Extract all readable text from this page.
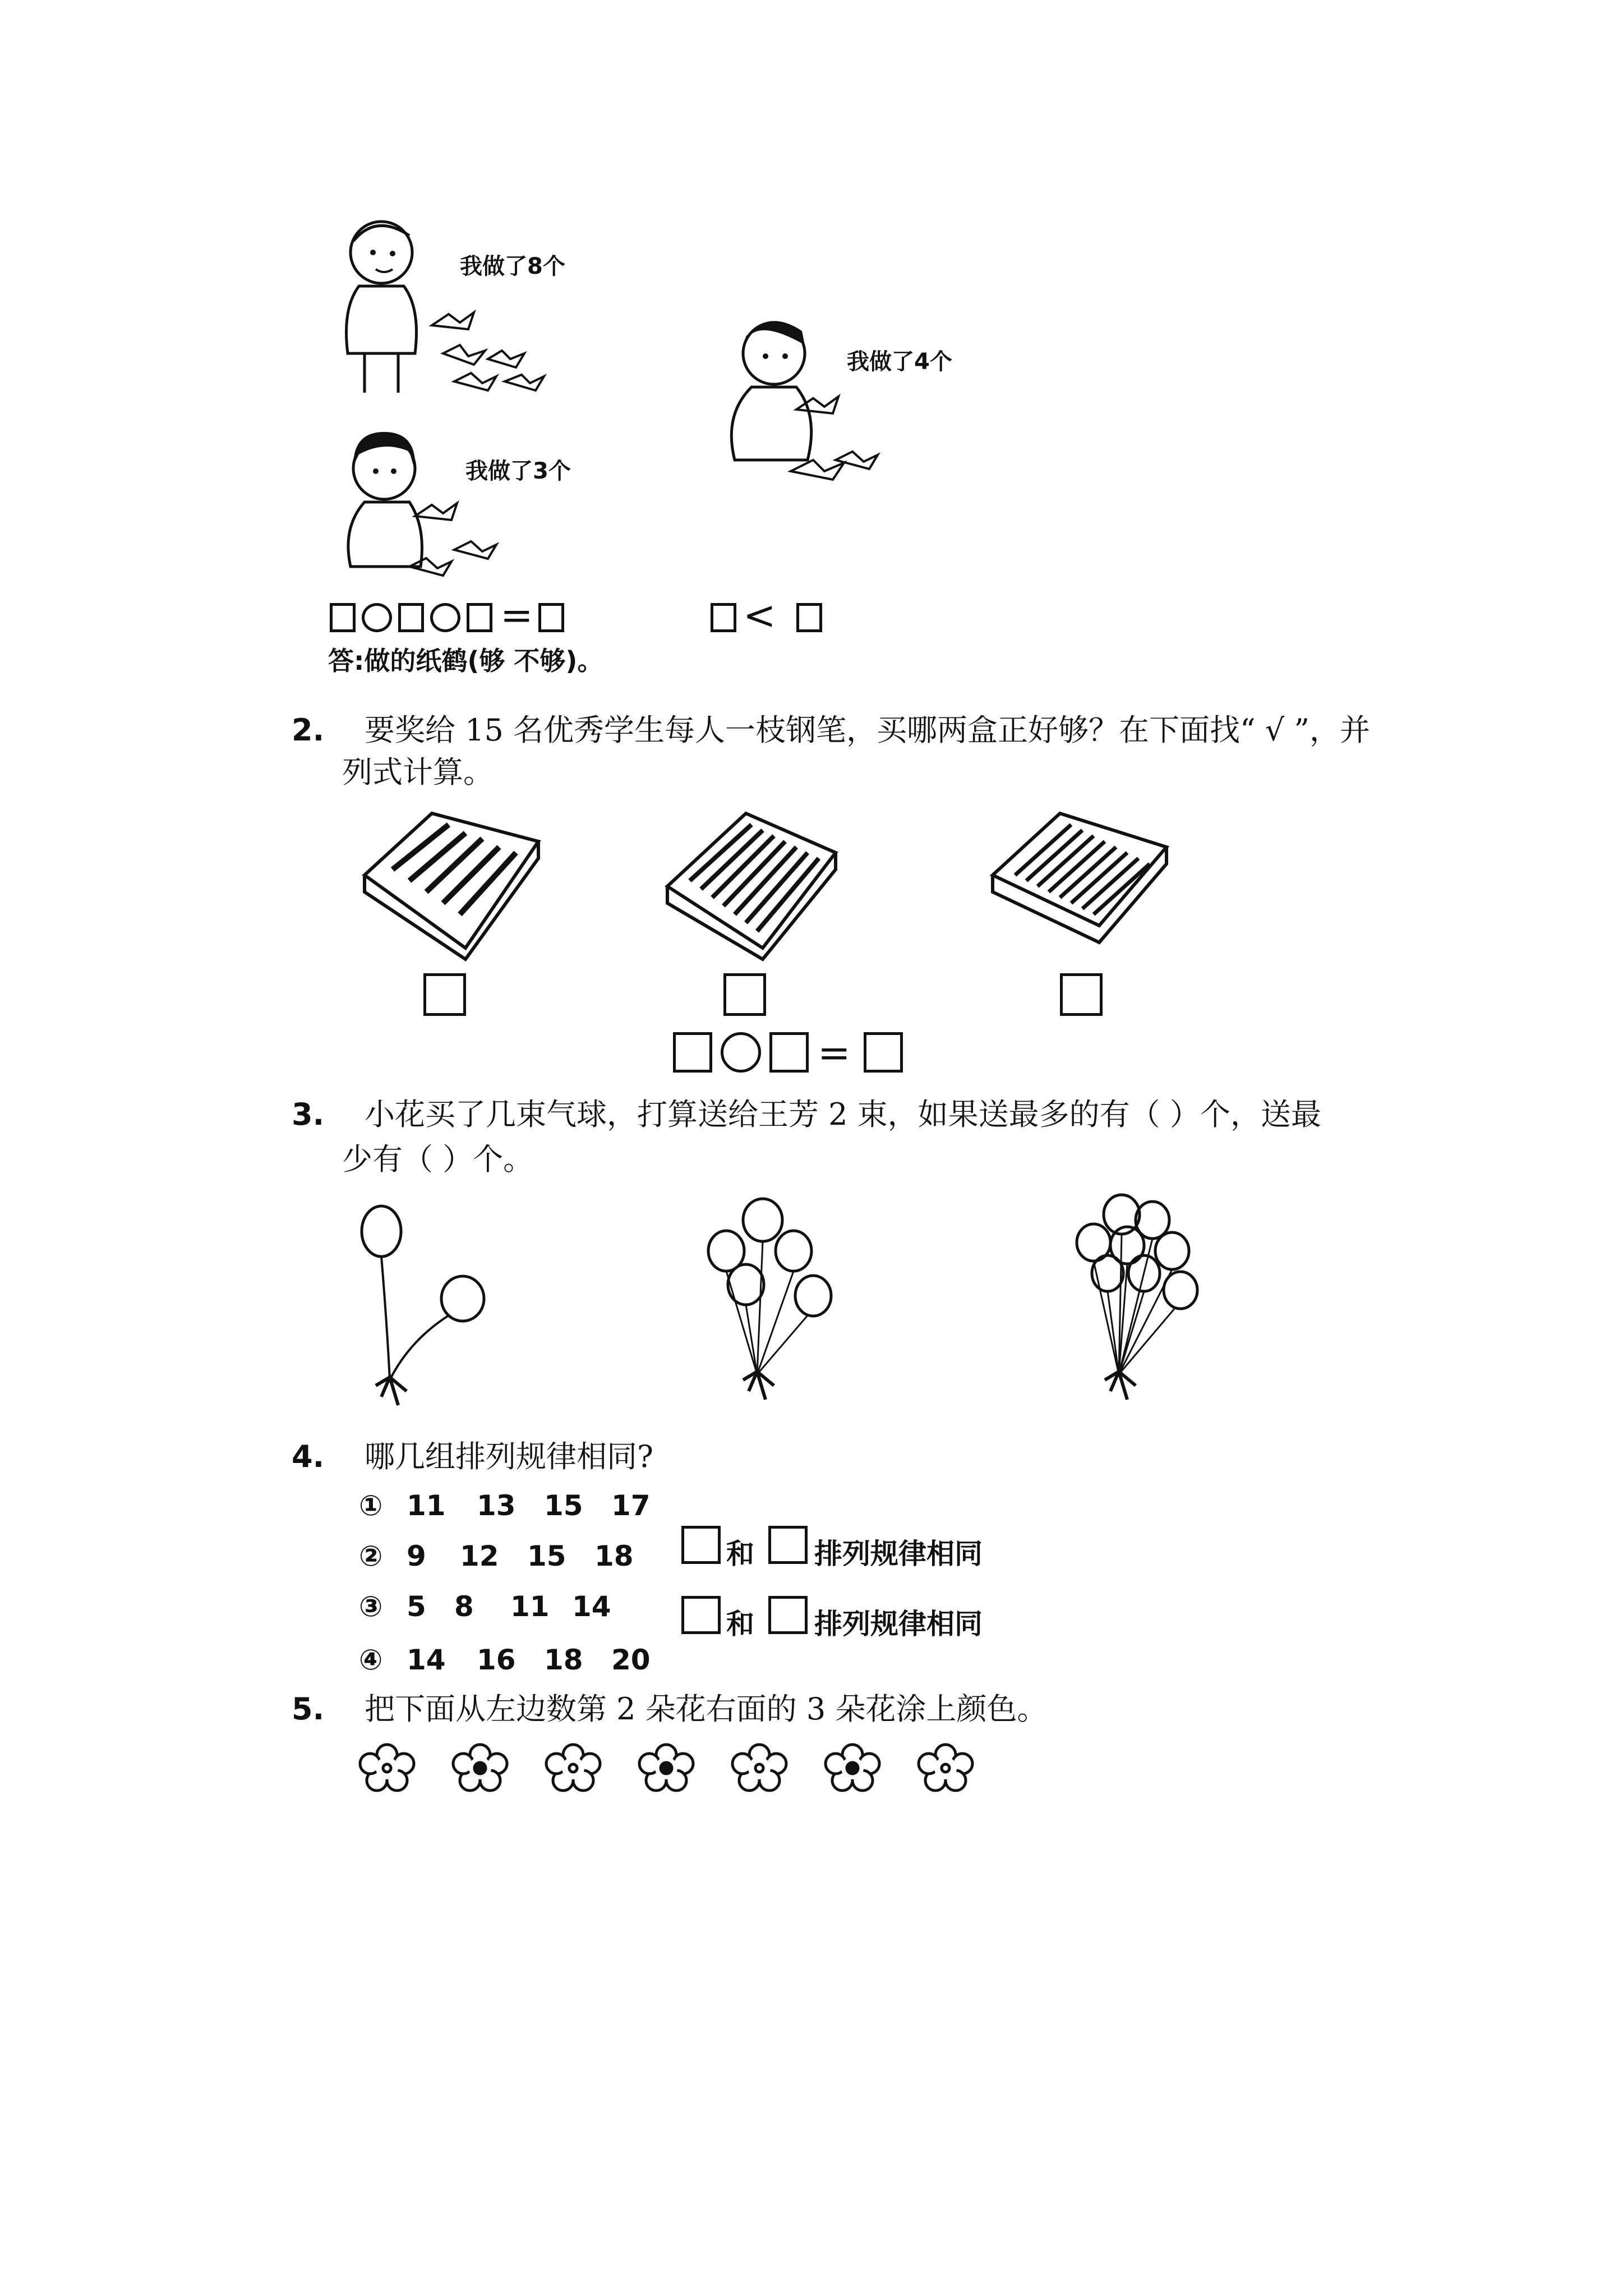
我做了8个
我做了4个
我做了3个
=	<
答:做的纸鹤(够 不够)。
2. 要奖给 15 名优秀学生每人一枝钢笔，买哪两盒正好够？在下面找“ √ ”，并
列式计算。
=
3. 小花买了几束气球，打算送给王芳 2 束，如果送最多的有（ ）个，送最
少有（ ）个。
4. 哪几组排列规律相同?
① 11 13 15 17
② 9 12 15 18
③ 5 8 11 14
④ 14 16 18 20
和 排列规律相同
和 排列规律相同
5. 把下面从左边数第 2 朵花右面的 3 朵花涂上颜色。
